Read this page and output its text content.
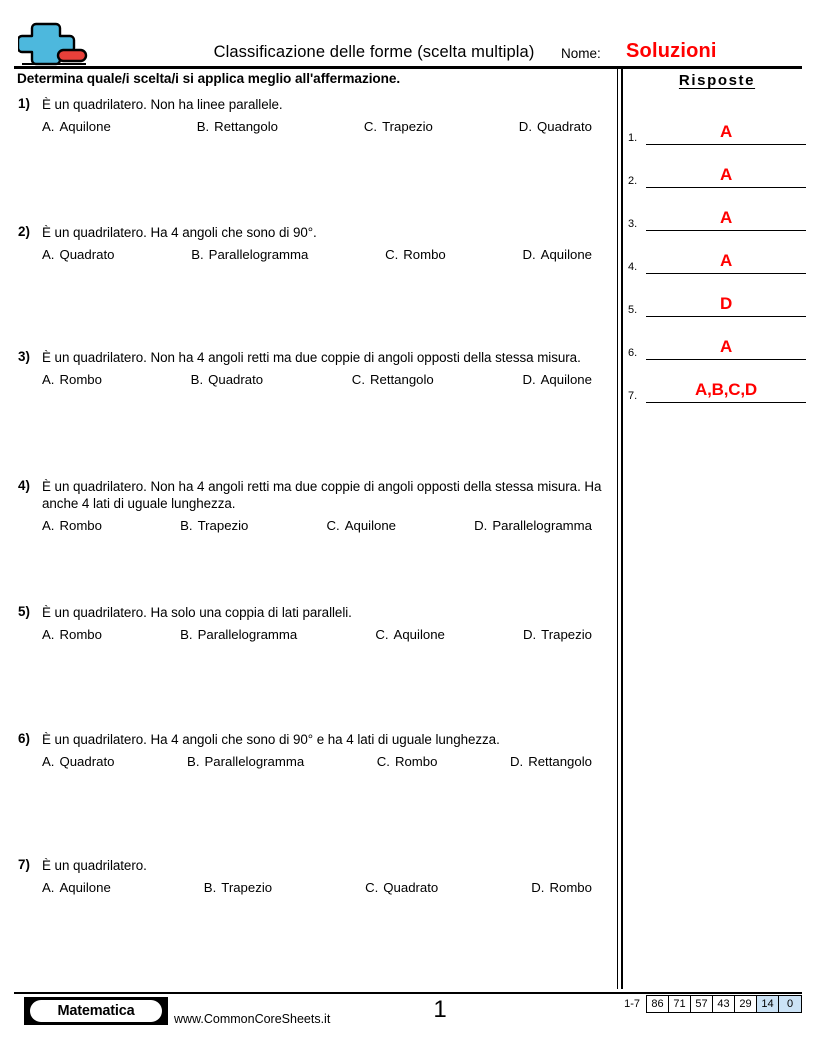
Classificazione delle forme (scelta multipla) Nome: Soluzioni
Determina quale/i scelta/i si applica meglio all'affermazione.
1) È un quadrilatero. Non ha linee parallele.
A. Aquilone	B. Rettangolo	C. Trapezio	D. Quadrato
2) È un quadrilatero. Ha 4 angoli che sono di 90°.
A. Quadrato	B. Parallelogramma	C. Rombo	D. Aquilone
3) È un quadrilatero. Non ha 4 angoli retti ma due coppie di angoli opposti della stessa misura.
A. Rombo	B. Quadrato	C. Rettangolo	D. Aquilone
4) È un quadrilatero. Non ha 4 angoli retti ma due coppie di angoli opposti della stessa misura. Ha anche 4 lati di uguale lunghezza.
A. Rombo	B. Trapezio	C. Aquilone	D. Parallelogramma
5) È un quadrilatero. Ha solo una coppia di lati paralleli.
A. Rombo	B. Parallelogramma	C. Aquilone	D. Trapezio
6) È un quadrilatero. Ha 4 angoli che sono di 90° e ha 4 lati di uguale lunghezza.
A. Quadrato	B. Parallelogramma	C. Rombo	D. Rettangolo
7) È un quadrilatero.
A. Aquilone	B. Trapezio	C. Quadrato	D. Rombo
Risposte
1.	A
2.	A
3.	A
4.	A
5.	D
6.	A
7.	A,B,C,D
Matematica	www.CommonCoreSheets.it	1	1-7	86 71 57 43 29 14	0
